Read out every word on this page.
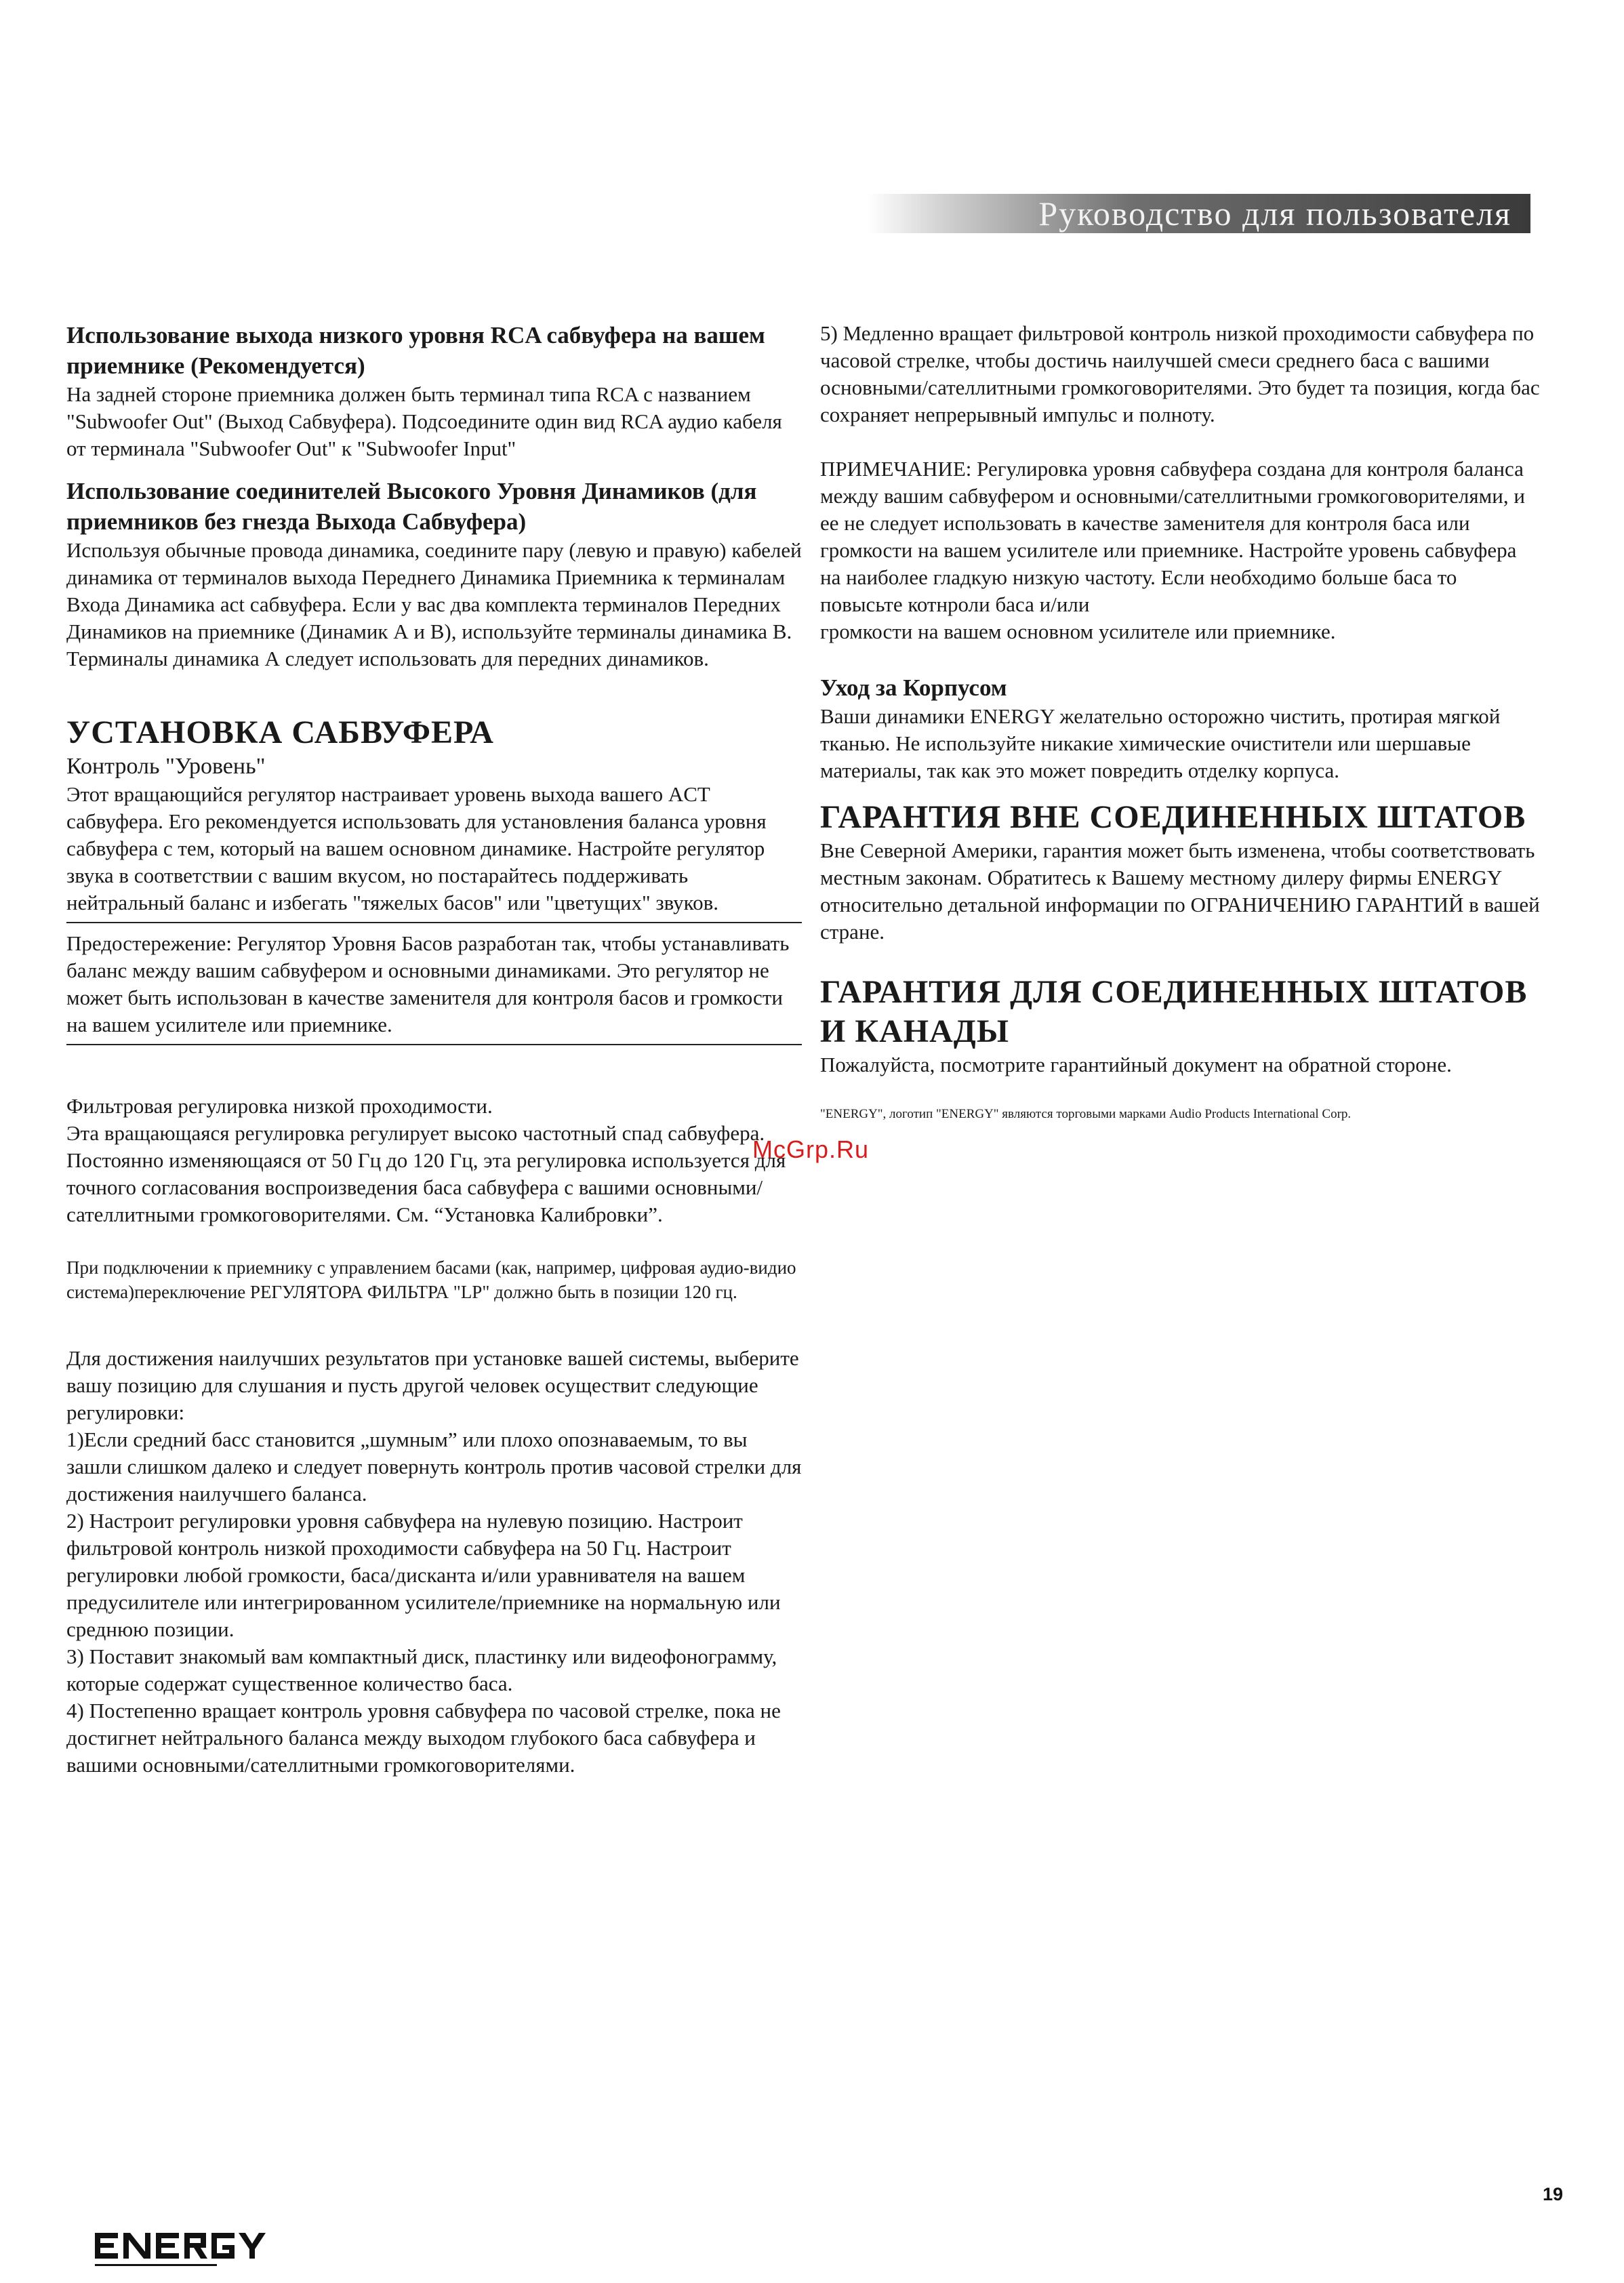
Руководство для пользователя

Использование выхода низкого уровня RCA сабвуфера на вашем приемнике (Рекомендуется)

На задней стороне приемника должен быть терминал типа RCA с названием "Subwoofer Out" (Выход Сабвуфера). Подсоедините один вид RCA аудио кабеля от терминала "Subwoofer Out" к "Subwoofer Input"

Использование соединителей Высокого Уровня Динамиков (для приемников без гнезда Выхода Сабвуфера)

Используя обычные провода динамика, соедините пару (левую и правую) кабелей динамика от терминалов выхода Переднего Динамика Приемника к терминалам Входа Динамика act сабвуфера. Если у вас два комплекта терминалов Передних Динамиков на приемнике (Динамик А и В), используйте терминалы динамика В. Терминалы динамика А следует использовать для передних динамиков.

УСТАНОВКА САБВУФЕРА

Контроль "Уровень"

Этот вращающийся регулятор настраивает уровень выхода вашего ACT сабвуфера. Его рекомендуется использовать для установления баланса уровня сабвуфера с тем, который на вашем основном динамике. Настройте регулятор звука в соответствии с вашим вкусом, но постарайтесь поддерживать нейтральный баланс и избегать "тяжелых басов" или "цветущих" звуков.

Предостережение: Регулятор Уровня Басов разработан так, чтобы устанавливать баланс между вашим сабвуфером и основными динамиками. Это регулятор не может быть использован в качестве заменителя для контроля басов и громкости на вашем усилителе или приемнике.

Фильтровая регулировка низкой проходимости.

Эта вращающаяся регулировка регулирует высоко частотный спад сабвуфера. Постоянно изменяющаяся от 50 Гц до 120 Гц, эта регулировка используется для точного согласования воспроизведения баса сабвуфера с вашими основными/сателлитными громкоговорителями. См. “Установка Калибровки”.

При подключении к приемнику с управлением басами (как, например, цифровая аудио-видио система)переключение РЕГУЛЯТОРА ФИЛЬТРА "LP" должно быть в позиции 120 гц.

Для достижения наилучших результатов при установке вашей системы, выберите вашу позицию для слушания и пусть другой человек осуществит следующие регулировки:

1)Если средний басс становится „шумным” или плохо опознаваемым, то вы зашли слишком далеко и следует повернуть контроль против часовой стрелки для достижения наилучшего баланса.

2) Настроит регулировки уровня сабвуфера на нулевую позицию. Настроит фильтровой контроль низкой проходимости сабвуфера на 50 Гц. Настроит регулировки любой громкости, баса/дисканта и/или уравнивателя на вашем предусилителе или интегрированном усилителе/приемнике на нормальную или среднюю позиции.

3) Поставит знакомый вам компактный диск, пластинку или видеофонограмму, которые содержат существенное количество баса.

4) Постепенно вращает контроль уровня сабвуфера по часовой стрелке, пока не достигнет нейтрального баланса между выходом глубокого баса сабвуфера и вашими основными/сателлитными громкоговорителями.

5) Медленно вращает фильтровой контроль низкой проходимости сабвуфера по часовой стрелке, чтобы достичь наилучшей смеси среднего баса с вашими основными/сателлитными громкоговорителями. Это будет та позиция, когда бас сохраняет непрерывный импульс и полноту.

ПРИМЕЧАНИЕ: Регулировка уровня сабвуфера создана для контроля баланса между вашим сабвуфером и основными/сателлитными громкоговорителями, и ее не следует использовать в качестве заменителя для контроля баса или громкости на вашем усилителе или приемнике. Настройте уровень сабвуфера на наиболее гладкую низкую частоту. Если необходимо больше баса то повысьте котнроли баса и/или

громкости на вашем основном усилителе или приемнике.

Уход за Корпусом

Ваши динамики ENERGY желательно осторожно чистить, протирая мягкой тканью. Не используйте никакие химические очистители или шершавые материалы, так как это может повредить отделку корпуса.

ГАРАНТИЯ ВНЕ СОЕДИНЕННЫХ ШТАТОВ

Вне Северной Америки, гарантия может быть изменена, чтобы соответствовать местным законам. Обратитесь к Вашему местному дилеру фирмы ENERGY относительно детальной информации по ОГРАНИЧЕНИЮ ГАРАНТИЙ в вашей стране.

ГАРАНТИЯ ДЛЯ СОЕДИНЕННЫХ ШТАТОВ И КАНАДЫ

Пожалуйста, посмотрите гарантийный документ на обратной стороне.

"ENERGY", логотип "ENERGY" являются торговыми марками Audio Products International Corp.

McGrp.Ru
19
